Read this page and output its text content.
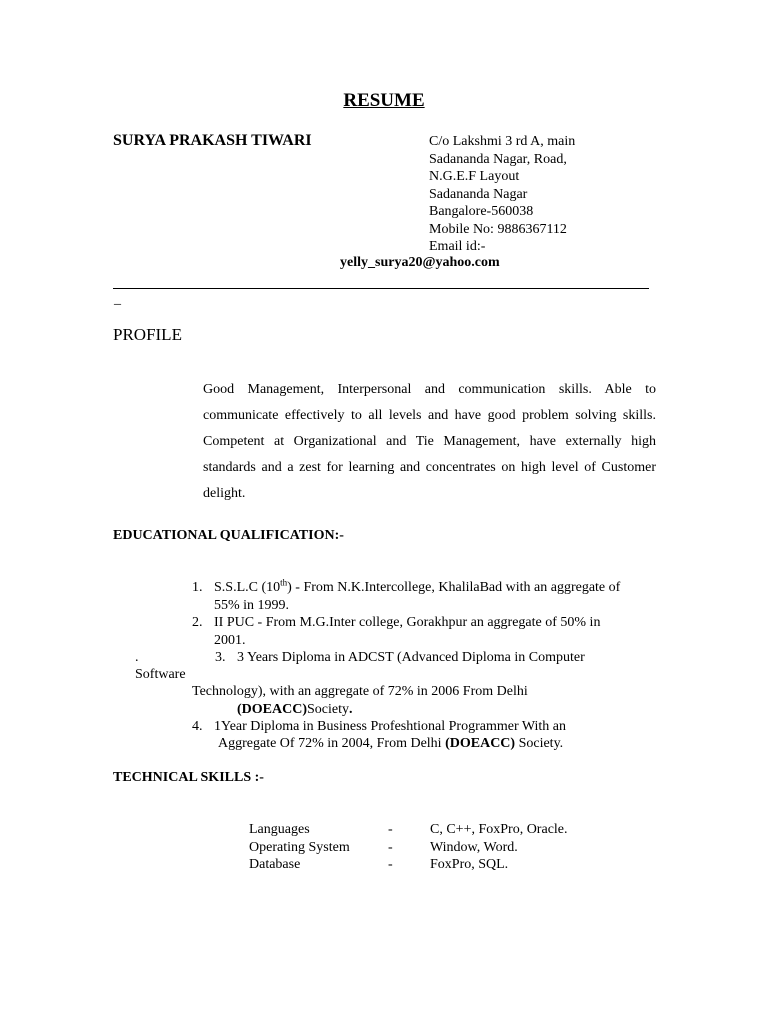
RESUME
SURYA PRAKASH TIWARI	C/o Lakshmi 3 rd A, main
Sadananda Nagar, Road,
N.G.E.F Layout
Sadananda Nagar
Bangalore-560038
Mobile No: 9886367112
Email id:-
yelly_surya20@yahoo.com
_
PROFILE
Good Management, Interpersonal and communication skills. Able to communicate effectively to all levels and have good problem solving skills. Competent at Organizational and Tie Management, have externally high standards and a zest for learning and concentrates on high level of Customer delight.
EDUCATIONAL QUALIFICATION:-
1. S.S.L.C (10th) - From N.K.Intercollege, KhalilaBad with an aggregate of
55% in 1999.
2. II PUC - From M.G.Inter college, Gorakhpur an aggregate of 50% in
2001.
.	3. 3 Years Diploma in ADCST (Advanced Diploma in Computer
Software
Technology), with an aggregate of 72% in 2006 From Delhi
(DOEACC)Society.
4. 1Year Diploma in Business Profeshtional Programmer With an
Aggregate Of 72% in 2004, From Delhi (DOEACC) Society.
TECHNICAL SKILLS :-
Languages	-	C, C++, FoxPro, Oracle.
Operating System	-	Window, Word.
Database	-	FoxPro, SQL.
